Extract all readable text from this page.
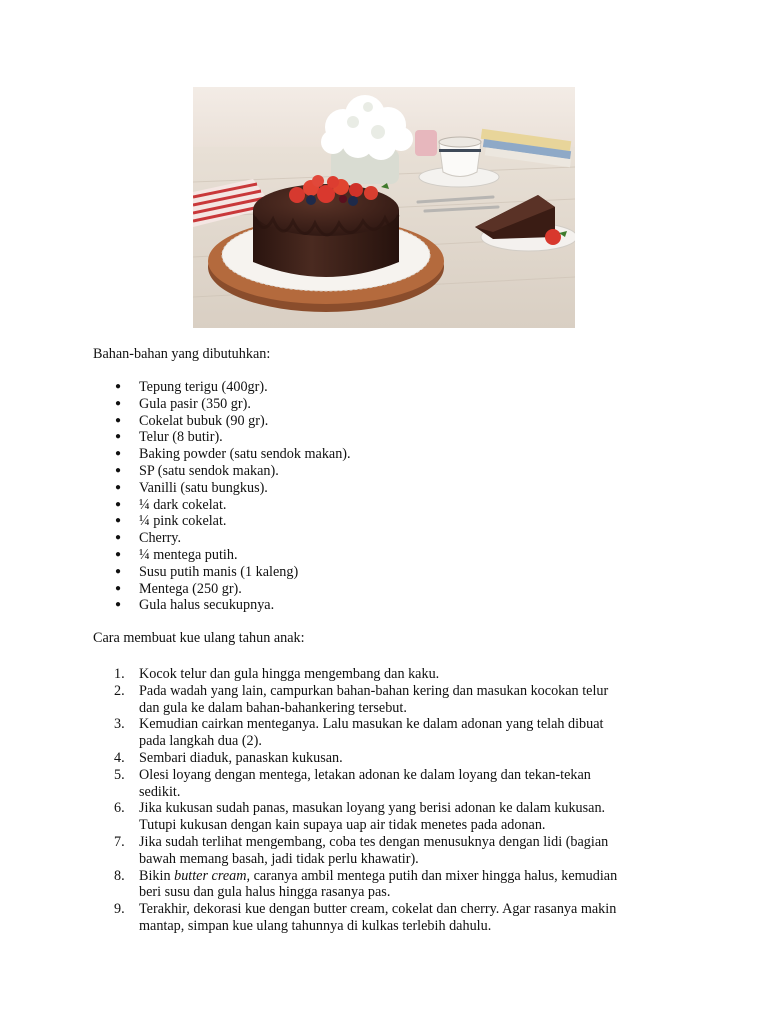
Bahan-bahan yang dibutuhkan:
● Tepung terigu (400gr).
● Gula pasir (350 gr).
● Cokelat bubuk (90 gr).
● Telur (8 butir).
● Baking powder (satu sendok makan).
● SP (satu sendok makan).
● Vanilli (satu bungkus).
● ¼ dark cokelat.
● ¼ pink cokelat.
● Cherry.
● ¼ mentega putih.
● Susu putih manis (1 kaleng)
● Mentega (250 gr).
● Gula halus secukupnya.
Cara membuat kue ulang tahun anak:
1. Kocok telur dan gula hingga mengembang dan kaku.
2. Pada wadah yang lain, campurkan bahan-bahan kering dan masukan kocokan telur
dan gula ke dalam bahan-bahankering tersebut.
3. Kemudian cairkan menteganya. Lalu masukan ke dalam adonan yang telah dibuat
pada langkah dua (2).
4. Sembari diaduk, panaskan kukusan.
5. Olesi loyang dengan mentega, letakan adonan ke dalam loyang dan tekan-tekan
sedikit.
6. Jika kukusan sudah panas, masukan loyang yang berisi adonan ke dalam kukusan.
Tutupi kukusan dengan kain supaya uap air tidak menetes pada adonan.
7. Jika sudah terlihat mengembang, coba tes dengan menusuknya dengan lidi (bagian
bawah memang basah, jadi tidak perlu khawatir).
8. Bikin butter cream, caranya ambil mentega putih dan mixer hingga halus, kemudian
beri susu dan gula halus hingga rasanya pas.
9. Terakhir, dekorasi kue dengan butter cream, cokelat dan cherry. Agar rasanya makin
mantap, simpan kue ulang tahunnya di kulkas terlebih dahulu.
